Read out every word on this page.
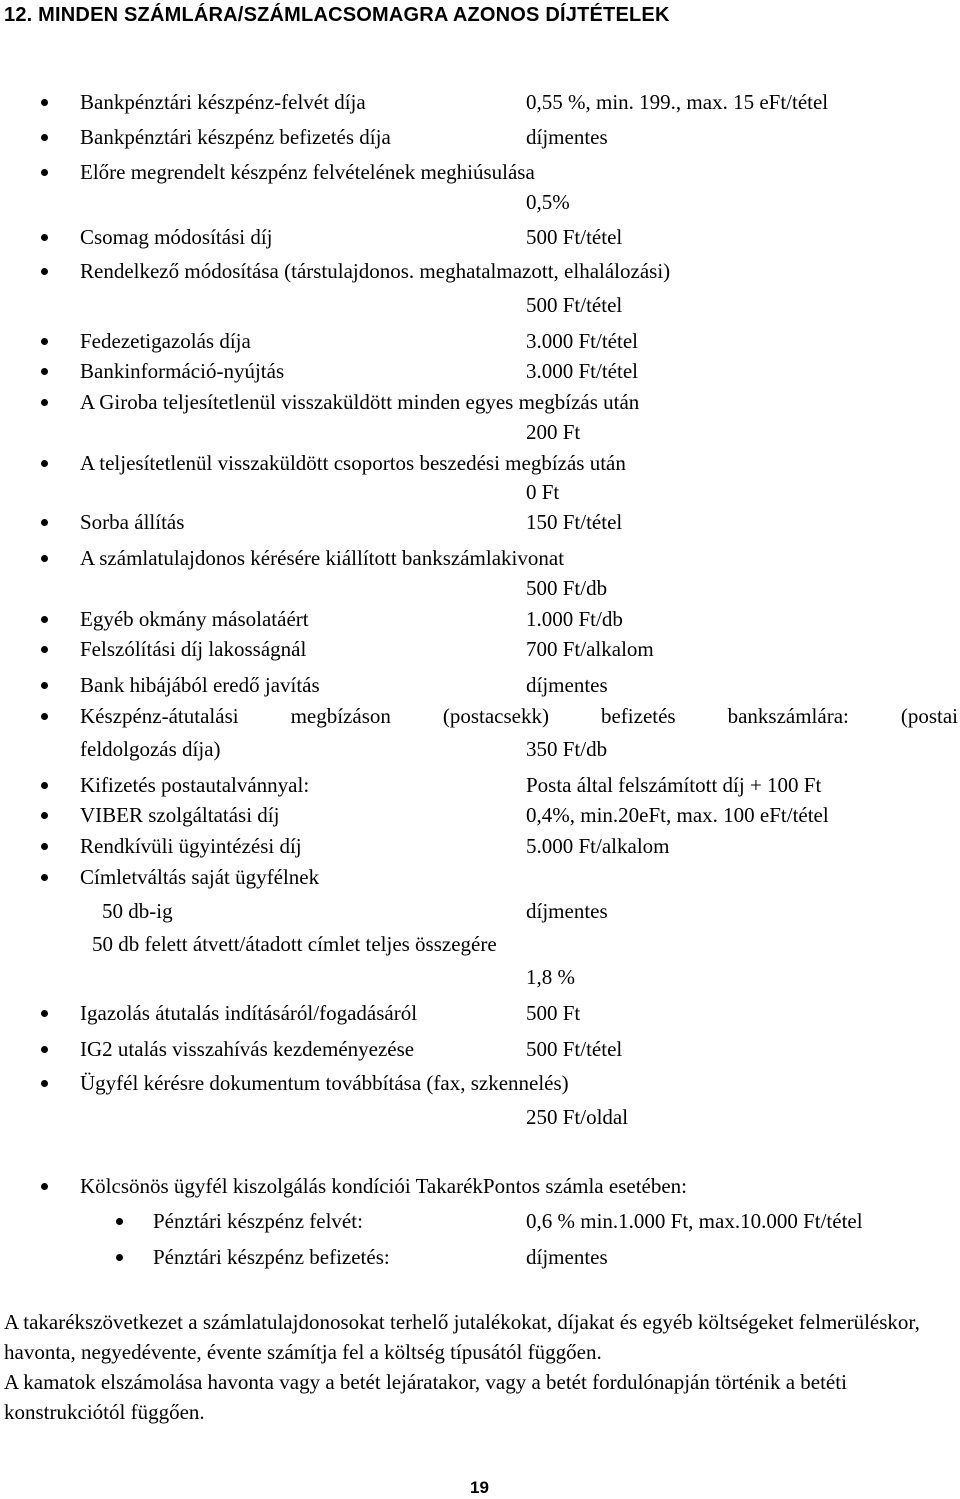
12. MINDEN SZÁMLÁRA/SZÁMLACSOMAGRA AZONOS DÍJTÉTELEK
Bankpénztári készpénz-felvét díja	0,55 %, min. 199., max. 15 eFt/tétel
Bankpénztári készpénz befizetés díja	díjmentes
Előre megrendelt készpénz felvételének meghiúsulása
0,5%
Csomag módosítási díj	500 Ft/tétel
Rendelkező módosítása (társtulajdonos. meghatalmazott, elhalálozási)
500 Ft/tétel
Fedezetigazolás díja	3.000 Ft/tétel
Bankinformáció-nyújtás	3.000 Ft/tétel
A Giroba teljesítetlenül visszaküldött minden egyes megbízás után
200 Ft
A teljesítetlenül visszaküldött csoportos beszedési megbízás után
0 Ft
Sorba állítás	150 Ft/tétel
A számlatulajdonos kérésére kiállított bankszámlakivonat
500 Ft/db
Egyéb okmány másolatáért	1.000 Ft/db
Felszólítási díj lakosságnál	700 Ft/alkalom
Bank hibájából eredő javítás	díjmentes
Készpénz-átutalási megbízáson (postacsekk) befizetés bankszámlára: (postai
feldolgozás díja)	350 Ft/db
Kifizetés postautalvánnyal:	Posta által felszámított díj + 100 Ft
VIBER szolgáltatási díj	0,4%, min.20eFt, max. 100 eFt/tétel
Rendkívüli ügyintézési díj	5.000 Ft/alkalom
Címletváltás saját ügyfélnek
50 db-ig	díjmentes
50 db felett átvett/átadott címlet teljes összegére
1,8 %
Igazolás átutalás indításáról/fogadásáról	500 Ft
IG2 utalás visszahívás kezdeményezése	500 Ft/tétel
Ügyfél kérésre dokumentum továbbítása (fax, szkennelés)
250 Ft/oldal
Kölcsönös ügyfél kiszolgálás kondíciói TakarékPontos számla esetében:
Pénztári készpénz felvét:	0,6 % min.1.000 Ft, max.10.000 Ft/tétel
Pénztári készpénz befizetés:	díjmentes
A takarékszövetkezet a számlatulajdonosokat terhelő jutalékokat, díjakat és egyéb költségeket felmerüléskor, havonta, negyedévente, évente számítja fel a költség típusától függően.
A kamatok elszámolása havonta vagy a betét lejáratakor, vagy a betét fordulónapján történik a betéti konstrukciótól függően.
19
